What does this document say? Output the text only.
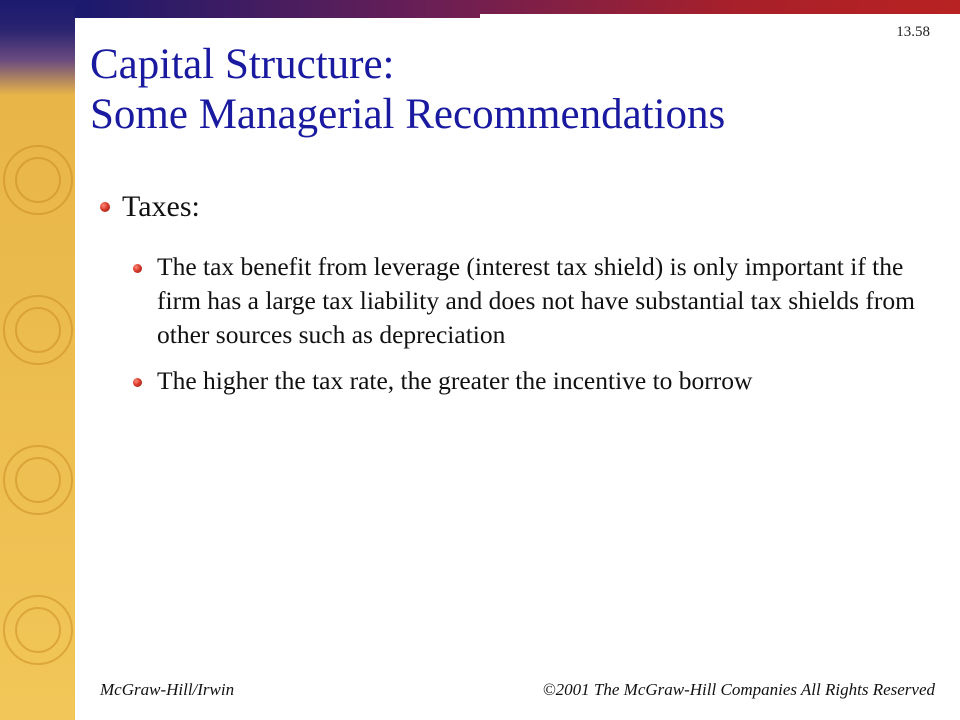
13.58
Capital Structure:
Some Managerial Recommendations
Taxes:
The tax benefit from leverage (interest tax shield) is only important if the firm has a large tax liability and does not have substantial tax shields from other sources such as depreciation
The higher the tax rate, the greater the incentive to borrow
McGraw-Hill/Irwin	©2001 The McGraw-Hill Companies All Rights Reserved
